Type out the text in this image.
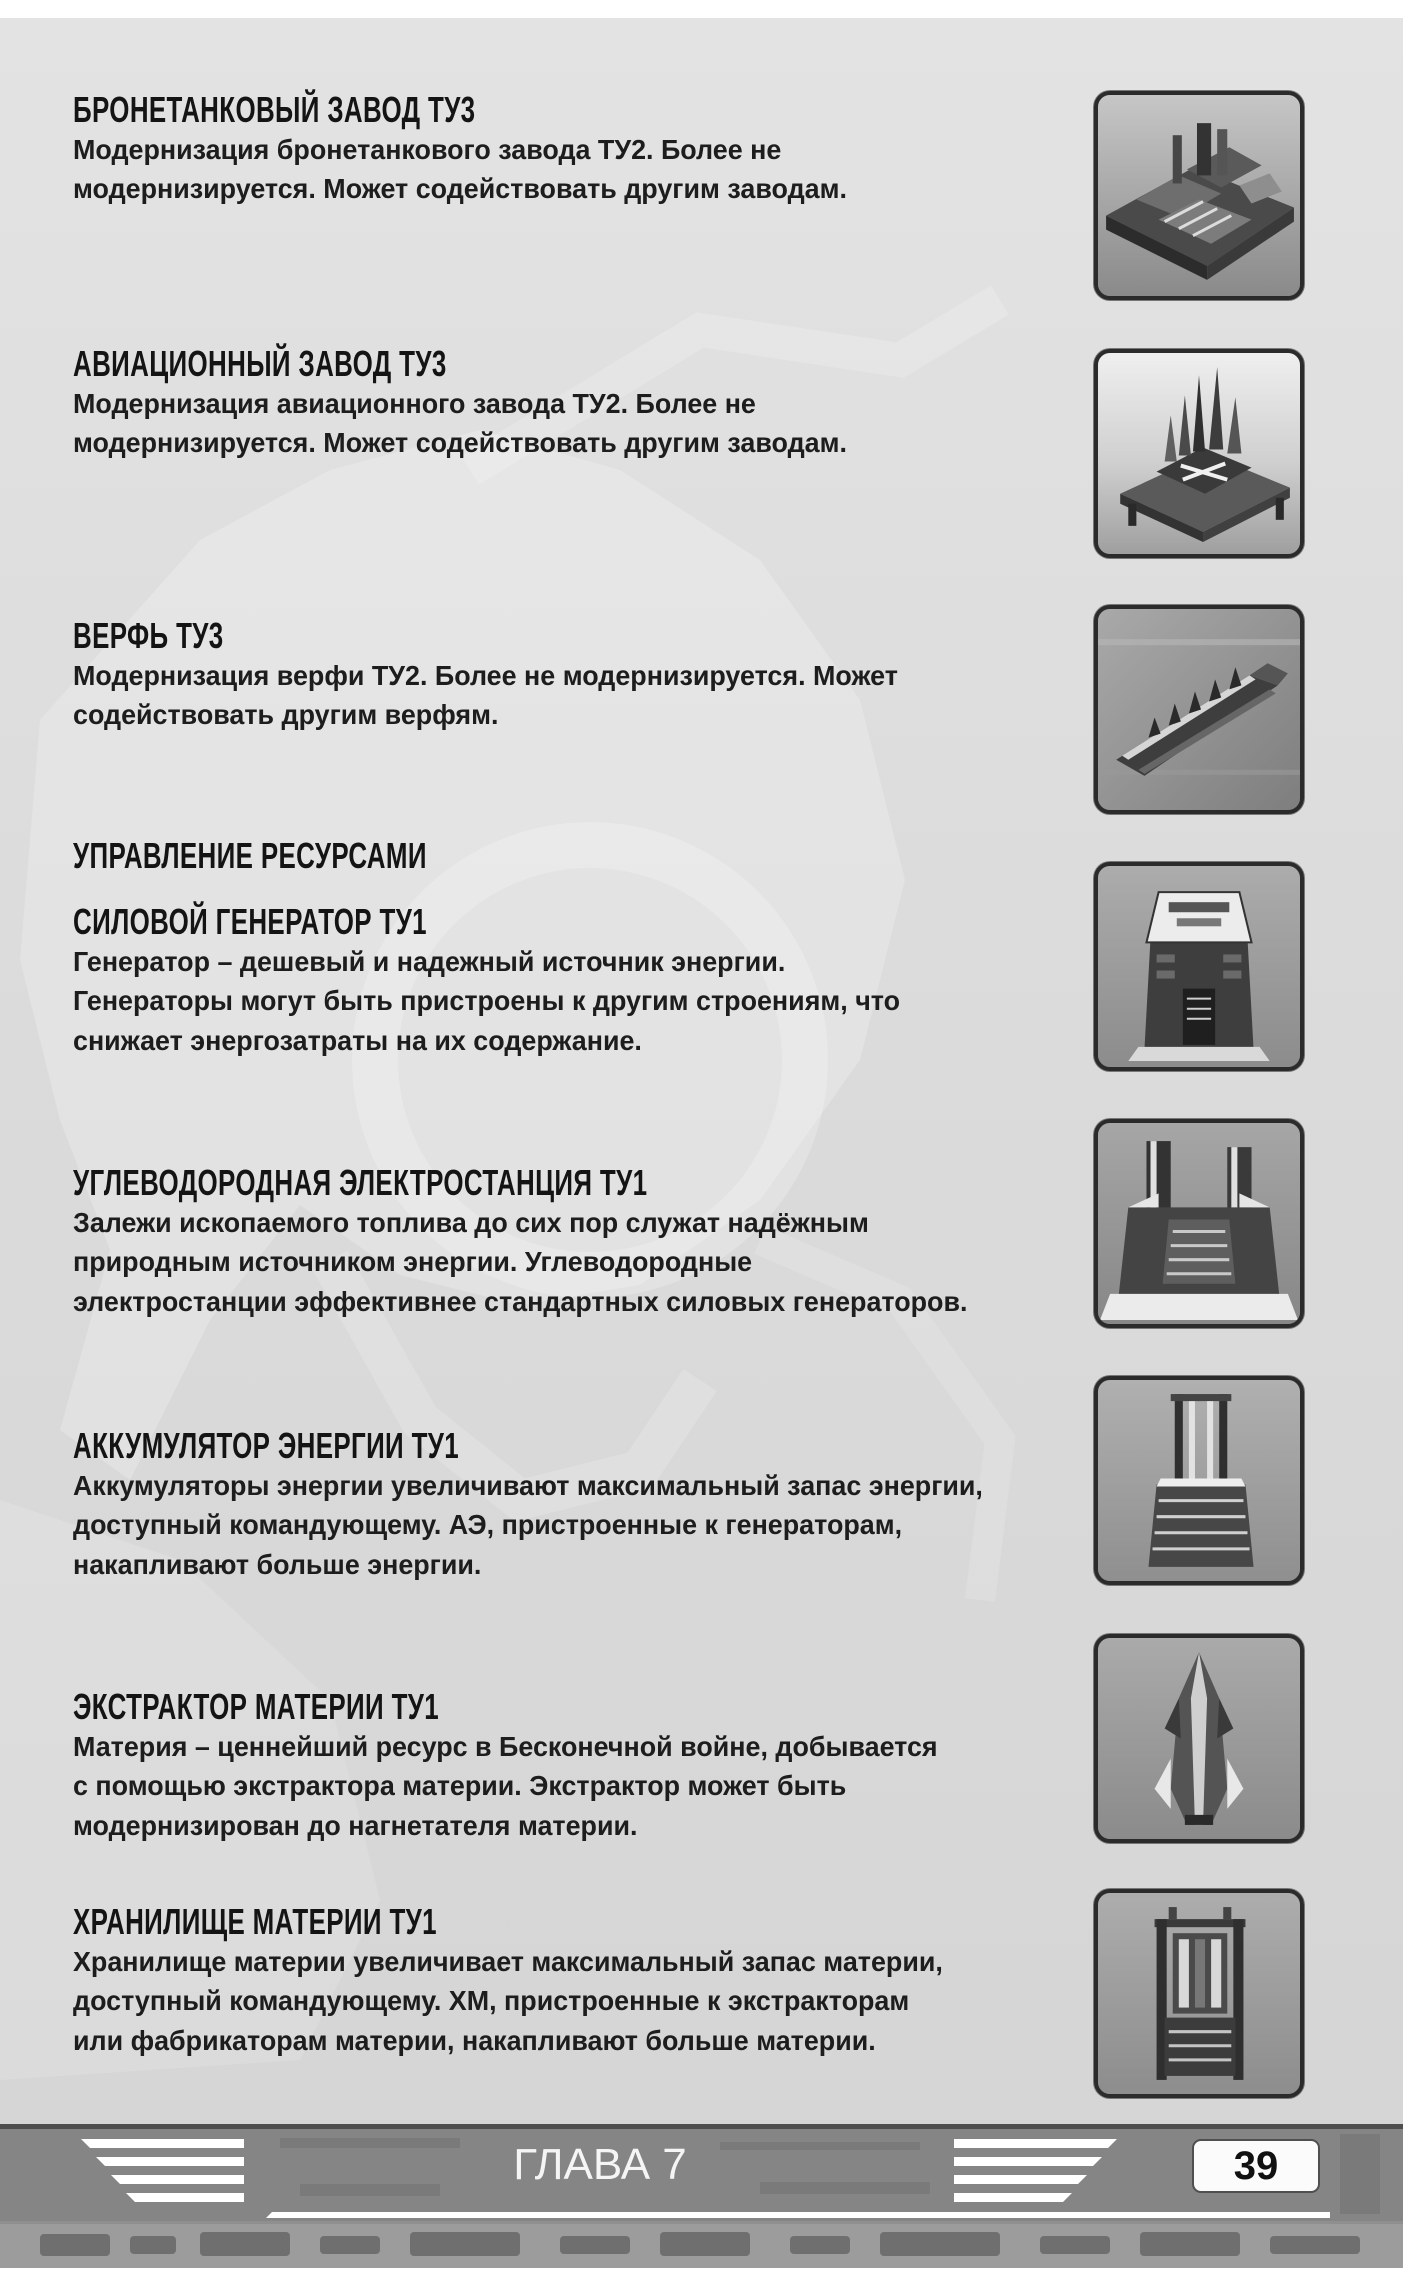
БРОНЕТАНКОВЫЙ ЗАВОД ТУ3
Модернизация бронетанкового завода ТУ2. Более не
модернизируется. Может содействовать другим заводам.
АВИАЦИОННЫЙ ЗАВОД ТУ3
Модернизация авиационного завода ТУ2. Более не
модернизируется. Может содействовать другим заводам.
ВЕРФЬ ТУ3
Модернизация верфи ТУ2. Более не модернизируется. Может
содействовать другим верфям.
УПРАВЛЕНИЕ РЕСУРСАМИ
СИЛОВОЙ ГЕНЕРАТОР ТУ1
Генератор – дешевый и надежный источник энергии.
Генераторы могут быть пристроены к другим строениям, что
снижает энергозатраты на их содержание.
УГЛЕВОДОРОДНАЯ ЭЛЕКТРОСТАНЦИЯ ТУ1
Залежи ископаемого топлива до сих пор служат надёжным
природным источником энергии. Углеводородные
электростанции эффективнее стандартных силовых генераторов.
АККУМУЛЯТОР ЭНЕРГИИ ТУ1
Аккумуляторы энергии увеличивают максимальный запас энергии,
доступный командующему. АЭ, пристроенные к генераторам,
накапливают больше энергии.
ЭКСТРАКТОР МАТЕРИИ ТУ1
Материя – ценнейший ресурс в Бесконечной войне, добывается
с помощью экстрактора материи. Экстрактор может быть
модернизирован до нагнетателя материи.
ХРАНИЛИЩЕ МАТЕРИИ ТУ1
Хранилище материи увеличивает максимальный запас материи,
доступный командующему. ХМ, пристроенные к экстракторам
или фабрикаторам материи, накапливают больше материи.
ГЛАВА 7	39
